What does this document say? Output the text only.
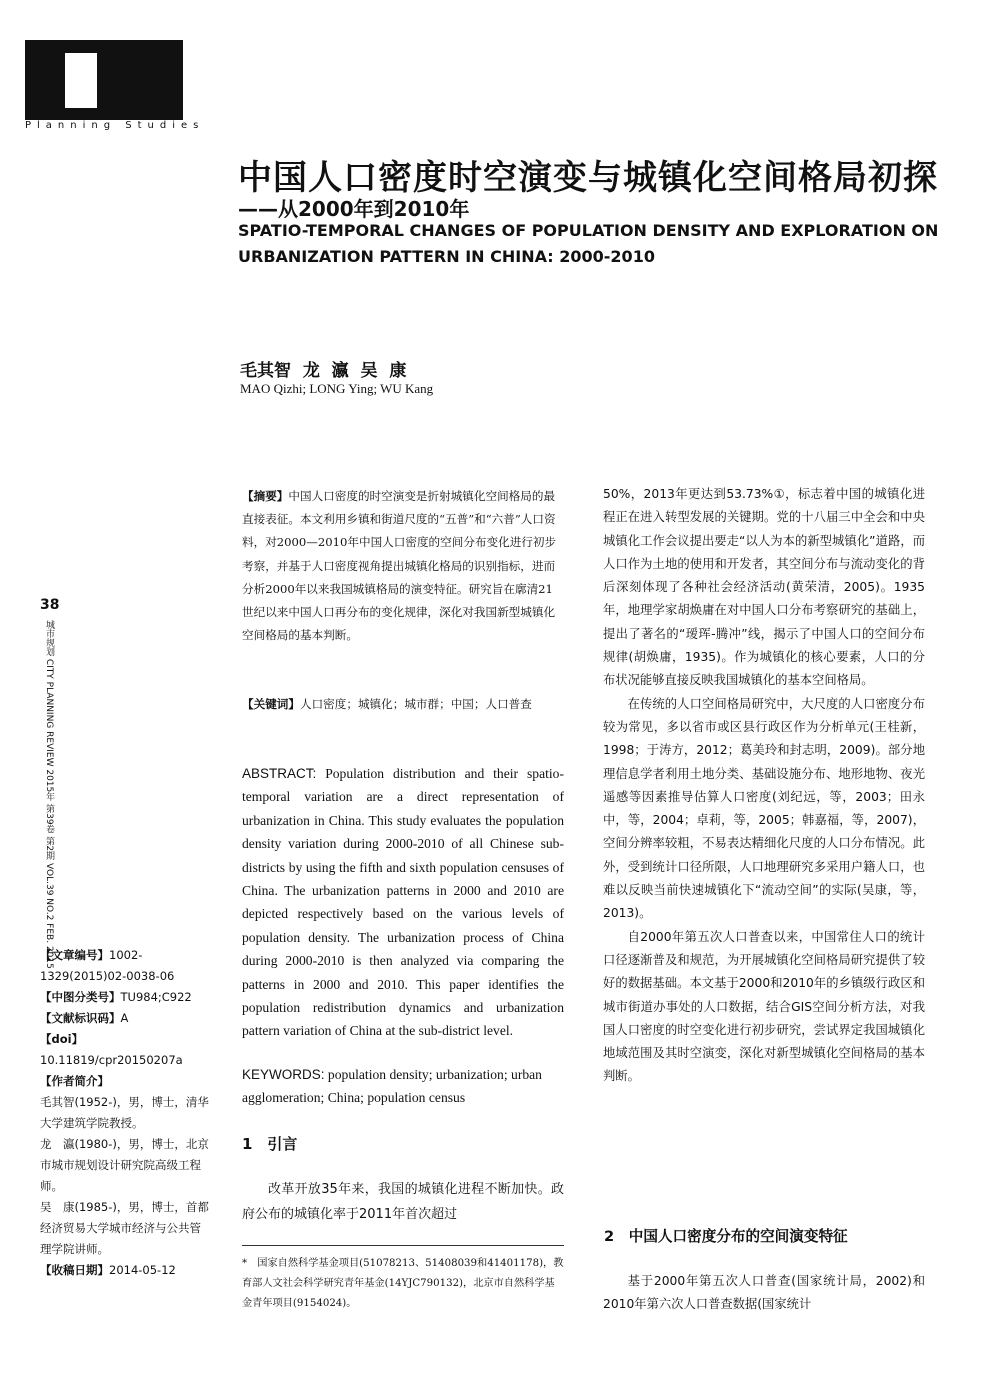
Planning Studies
中国人口密度时空演变与城镇化空间格局初探
——从2000年到2010年
SPATIO-TEMPORAL CHANGES OF POPULATION DENSITY AND EXPLORATION ON URBANIZATION PATTERN IN CHINA: 2000-2010
毛其智  龙  瀛  吴  康
MAO Qizhi; LONG Ying; WU Kang
38
城市规划 CITY PLANNING REVIEW 2015年 第39卷 第2期 VOL.39 NO.2 FEB. 2015
【摘要】中国人口密度的时空演变是折射城镇化空间格局的最直接表征。本文利用乡镇和街道尺度的“五普”和“六普”人口资料，对2000—2010年中国人口密度的空间分布变化进行初步考察，并基于人口密度视角提出城镇化格局的识别指标，进而分析2000年以来我国城镇格局的演变特征。研究旨在廓清21世纪以来中国人口再分布的变化规律，深化对我国新型城镇化空间格局的基本判断。
【关键词】人口密度；城镇化；城市群；中国；人口普查
ABSTRACT: Population distribution and their spatio-temporal variation are a direct representation of urbanization in China. This study evaluates the population density variation during 2000-2010 of all Chinese sub-districts by using the fifth and sixth population censuses of China. The urbanization patterns in 2000 and 2010 are depicted respectively based on the various levels of population density. The urbanization process of China during 2000-2010 is then analyzed via comparing the patterns in 2000 and 2010. This paper identifies the population redistribution dynamics and urbanization pattern variation of China at the sub-district level.
KEYWORDS: population density; urbanization; urban agglomeration; China; population census
1　引言
改革开放35年来，我国的城镇化进程不断加快。政府公布的城镇化率于2011年首次超过
*　国家自然科学基金项目(51078213、51408039和41401178)，教育部人文社会科学研究青年基金(14YJC790132)，北京市自然科学基金青年项目(9154024)。

50%，2013年更达到53.73%①，标志着中国的城镇化进程正在进入转型发展的关键期。党的十八届三中全会和中央城镇化工作会议提出要走“以人为本的新型城镇化”道路，而人口作为土地的使用和开发者，其空间分布与流动变化的背后深刻体现了各种社会经济活动(黄荣清，2005)。1935年，地理学家胡焕庸在对中国人口分布考察研究的基础上，提出了著名的“瑷珲-腾冲”线，揭示了中国人口的空间分布规律(胡焕庸，1935)。作为城镇化的核心要素，人口的分布状况能够直接反映我国城镇化的基本空间格局。

在传统的人口空间格局研究中，大尺度的人口密度分布较为常见，多以省市或区县行政区作为分析单元(王桂新，1998；于涛方，2012；葛美玲和封志明，2009)。部分地理信息学者利用土地分类、基础设施分布、地形地物、夜光遥感等因素推导估算人口密度(刘纪远，等，2003；田永中，等，2004；卓莉，等，2005；韩嘉福，等，2007)，空间分辨率较粗，不易表达精细化尺度的人口分布情况。此外，受到统计口径所限，人口地理研究多采用户籍人口，也难以反映当前快速城镇化下“流动空间”的实际(吴康，等，2013)。

自2000年第五次人口普查以来，中国常住人口的统计口径逐渐普及和规范，为开展城镇化空间格局研究提供了较好的数据基础。本文基于2000和2010年的乡镇级行政区和城市街道办事处的人口数据，结合GIS空间分析方法，对我国人口密度的时空变化进行初步研究，尝试界定我国城镇化地域范围及其时空演变，深化对新型城镇化空间格局的基本判断。

2　中国人口密度分布的空间演变特征
基于2000年第五次人口普查(国家统计局，2002)和2010年第六次人口普查数据(国家统计

【文章编号】1002-1329(2015)02-0038-06

【中图分类号】TU984;C922

【文献标识码】A

【doi】10.11819/cpr20150207a

【作者简介】

毛其智(1952-)，男，博士，清华大学建筑学院教授。

龙　瀛(1980-)，男，博士，北京市城市规划设计研究院高级工程师。

吴　康(1985-)，男，博士，首都经济贸易大学城市经济与公共管理学院讲师。

【收稿日期】2014-05-12
